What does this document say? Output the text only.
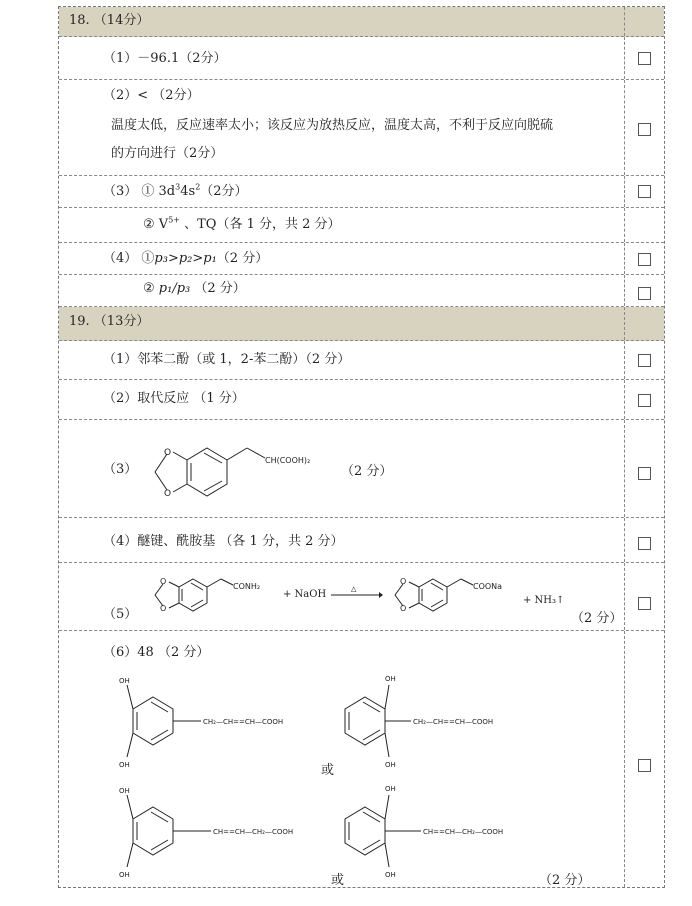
18. （14分）
（1）－96.1（2分）
（2）< （2分）
温度太低，反应速率太小；该反应为放热反应，温度太高，不利于反应向脱硫
的方向进行（2分）
（3） ① $3d^34s^2(2$分）
② $V^{5+}$ 、TQ（各 1 分，共 2 分）
（4） ①p₃>p₂>p₁（2 分）
② p₁/p₃ （2 分）
19. （13分）
（1）邻苯二酚（或 1，2-苯二酚）（2 分）
（2）取代反应 （1 分）
（3）
O
O
CH(COOH)₂
（2 分）
（4）醚键、酰胺基 （各 1 分，共 2 分）
（5）
O
O
CONH₂
+ NaOH	△
O
O
COONa
+ NH₃↑
（2 分）
（6）48 （2 分）
OH
OH
CH₂—CH==CH—COOH
OH
OH
CH₂—CH==CH—COOH
或
OH
OH
CH==CH—CH₂—COOH
OH
OH
CH==CH—CH₂—COOH
或	（2 分）
